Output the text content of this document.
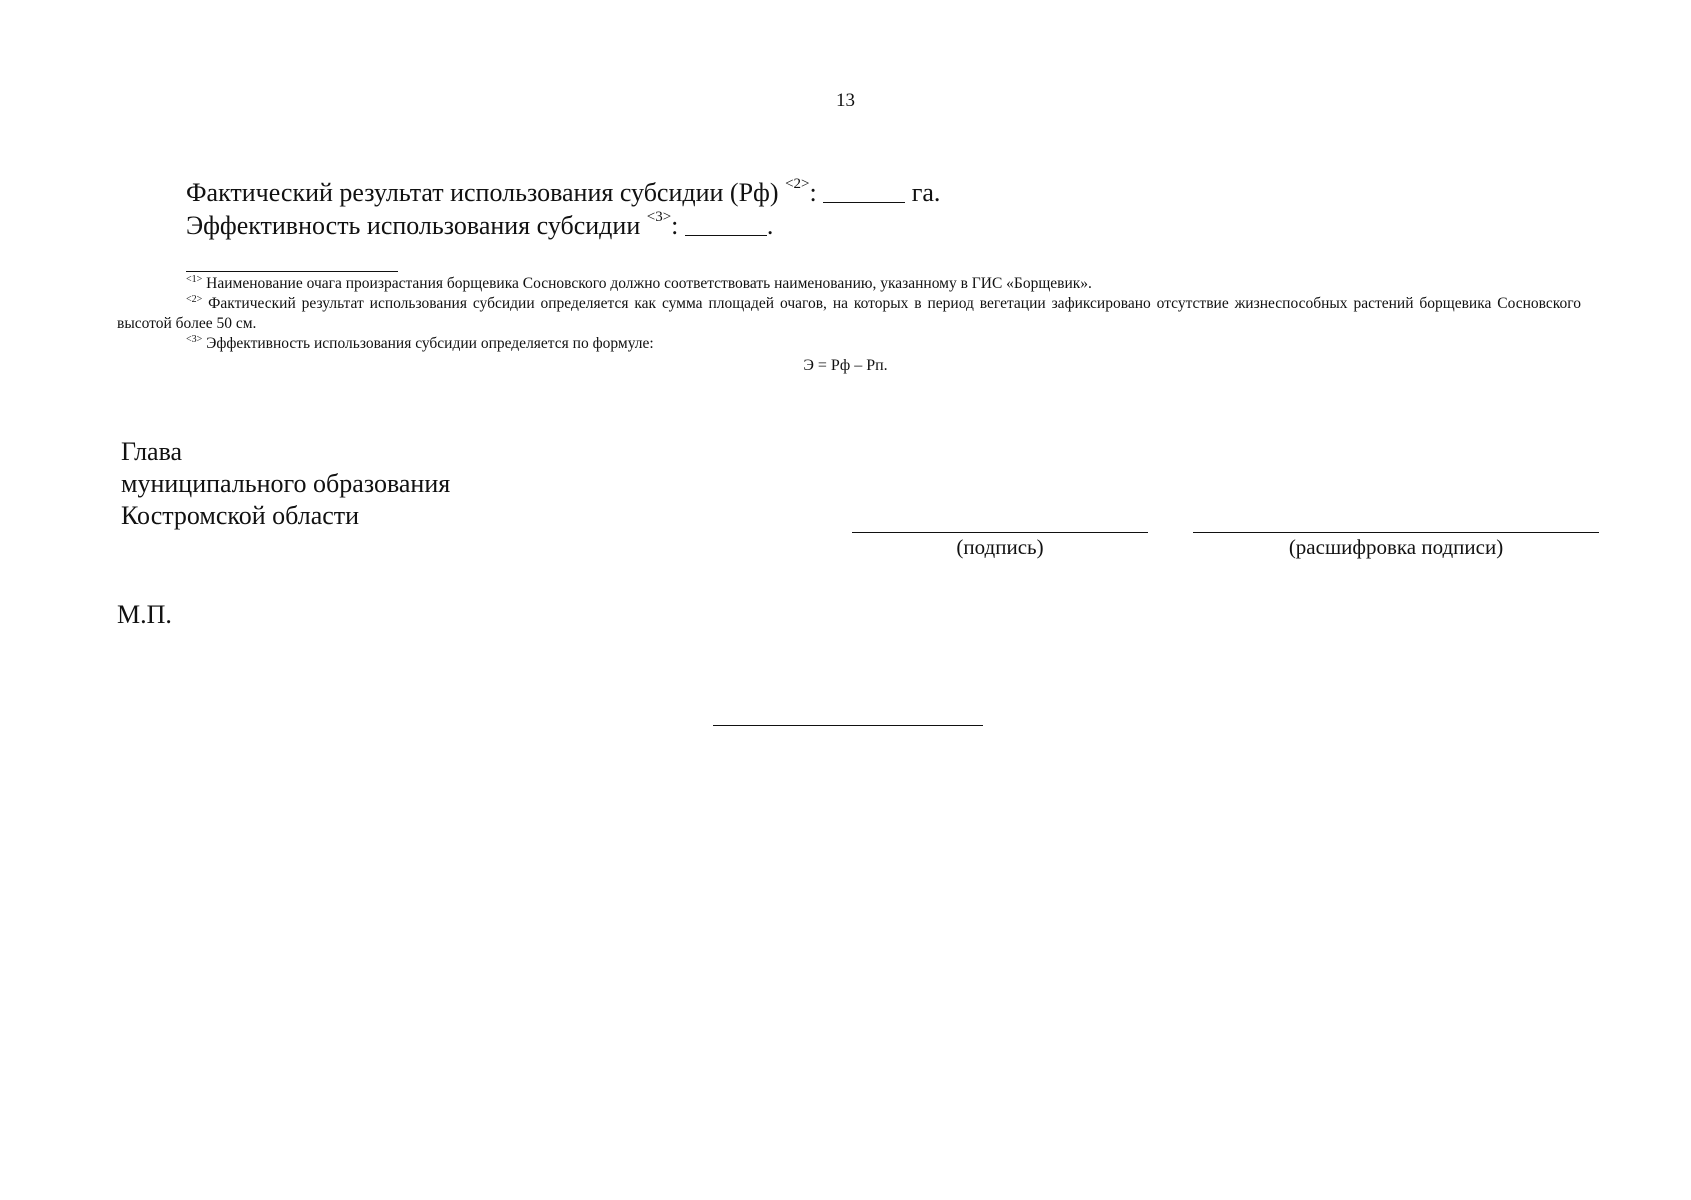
13
Фактический результат использования субсидии (Рф) $^{<2>}$:	га.
Эффективность использования субсидии $^{<3>}$:	.

$^{<1>}$ Наименование очага произрастания борщевика Сосновского должно соответствовать наименованию, указанному в ГИС «Борщевик».

$^{<2>}$ Фактический результат использования субсидии определяется как сумма площадей очагов, на которых в период вегетации зафиксировано отсутствие жизнеспособных растений борщевика Сосновского высотой более 50 см.

$^{<3>}$ Эффективность использования субсидии определяется по формуле:

Э = Рф – Рп.
Глава
муниципального образования
Костромской области
(подпись)	(расшифровка подписи)
М.П.
